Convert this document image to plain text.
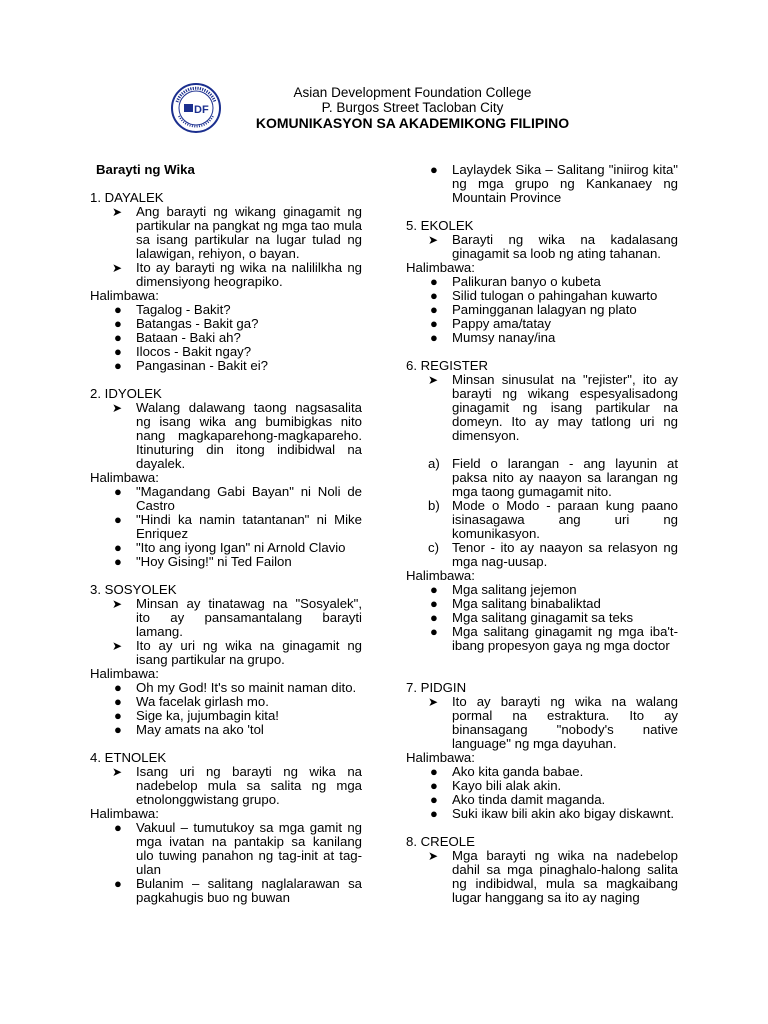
DF
Asian Development Foundation College
P. Burgos Street Tacloban City
KOMUNIKASYON SA AKADEMIKONG FILIPINO
Barayti ng Wika
1. DAYALEK
➤ Ang barayti ng wikang ginagamit ng partikular na pangkat ng mga tao mula sa isang partikular na lugar tulad ng lalawigan, rehiyon, o bayan.
➤ Ito ay barayti ng wika na nalililkha ng dimensiyong heograpiko.
Halimbawa:
● Tagalog - Bakit?
● Batangas - Bakit ga?
● Bataan - Baki ah?
● Ilocos - Bakit ngay?
● Pangasinan - Bakit ei?
2. IDYOLEK
➤ Walang dalawang taong nagsasalita ng isang wika ang bumibigkas nito nang magkaparehong-magkapareho. Itinuturing din itong indibidwal na dayalek.
Halimbawa:
● "Magandang Gabi Bayan" ni Noli de Castro
● "Hindi ka namin tatantanan" ni Mike Enriquez
● "Ito ang iyong Igan" ni Arnold Clavio
● "Hoy Gising!" ni Ted Failon
3. SOSYOLEK
➤ Minsan ay tinatawag na "Sosyalek", ito ay pansamantalang barayti lamang.
➤ Ito ay uri ng wika na ginagamit ng isang partikular na grupo.
Halimbawa:
● Oh my God! It's so mainit naman dito.
● Wa facelak girlash mo.
● Sige ka, jujumbagin kita!
● May amats na ako 'tol
4. ETNOLEK
➤ Isang uri ng barayti ng wika na nadebelop mula sa salita ng mga etnolonggwistang grupo.
Halimbawa:
● Vakuul – tumutukoy sa mga gamit ng mga ivatan na pantakip sa kanilang ulo tuwing panahon ng tag-init at tag-ulan
● Bulanim – salitang naglalarawan sa pagkahugis buo ng buwan
● Laylaydek Sika – Salitang "iniirog kita" ng mga grupo ng Kankanaey ng Mountain Province
5. EKOLEK
➤ Barayti ng wika na kadalasang ginagamit sa loob ng ating tahanan.
Halimbawa:
● Palikuran banyo o kubeta
● Silid tulogan o pahingahan kuwarto
● Pamingganan lalagyan ng plato
● Pappy ama/tatay
● Mumsy nanay/ina
6. REGISTER
➤ Minsan sinusulat na "rejister", ito ay barayti ng wikang espesyalisadong ginagamit ng isang partikular na domeyn. Ito ay may tatlong uri ng dimensyon.
a) Field o larangan - ang layunin at paksa nito ay naayon sa larangan ng mga taong gumagamit nito.
b) Mode o Modo - paraan kung paano isinasagawa ang uri ng komunikasyon.
c) Tenor - ito ay naayon sa relasyon ng mga nag-uusap.
Halimbawa:
● Mga salitang jejemon
● Mga salitang binabaliktad
● Mga salitang ginagamit sa teks
● Mga salitang ginagamit ng mga iba't-ibang propesyon gaya ng mga doctor
7. PIDGIN
➤ Ito ay barayti ng wika na walang pormal na estraktura. Ito ay binansagang "nobody's native language" ng mga dayuhan.
Halimbawa:
● Ako kita ganda babae.
● Kayo bili alak akin.
● Ako tinda damit maganda.
● Suki ikaw bili akin ako bigay diskawnt.
8. CREOLE
➤ Mga barayti ng wika na nadebelop dahil sa mga pinaghalo-halong salita ng indibidwal, mula sa magkaibang lugar hanggang sa ito ay naging
